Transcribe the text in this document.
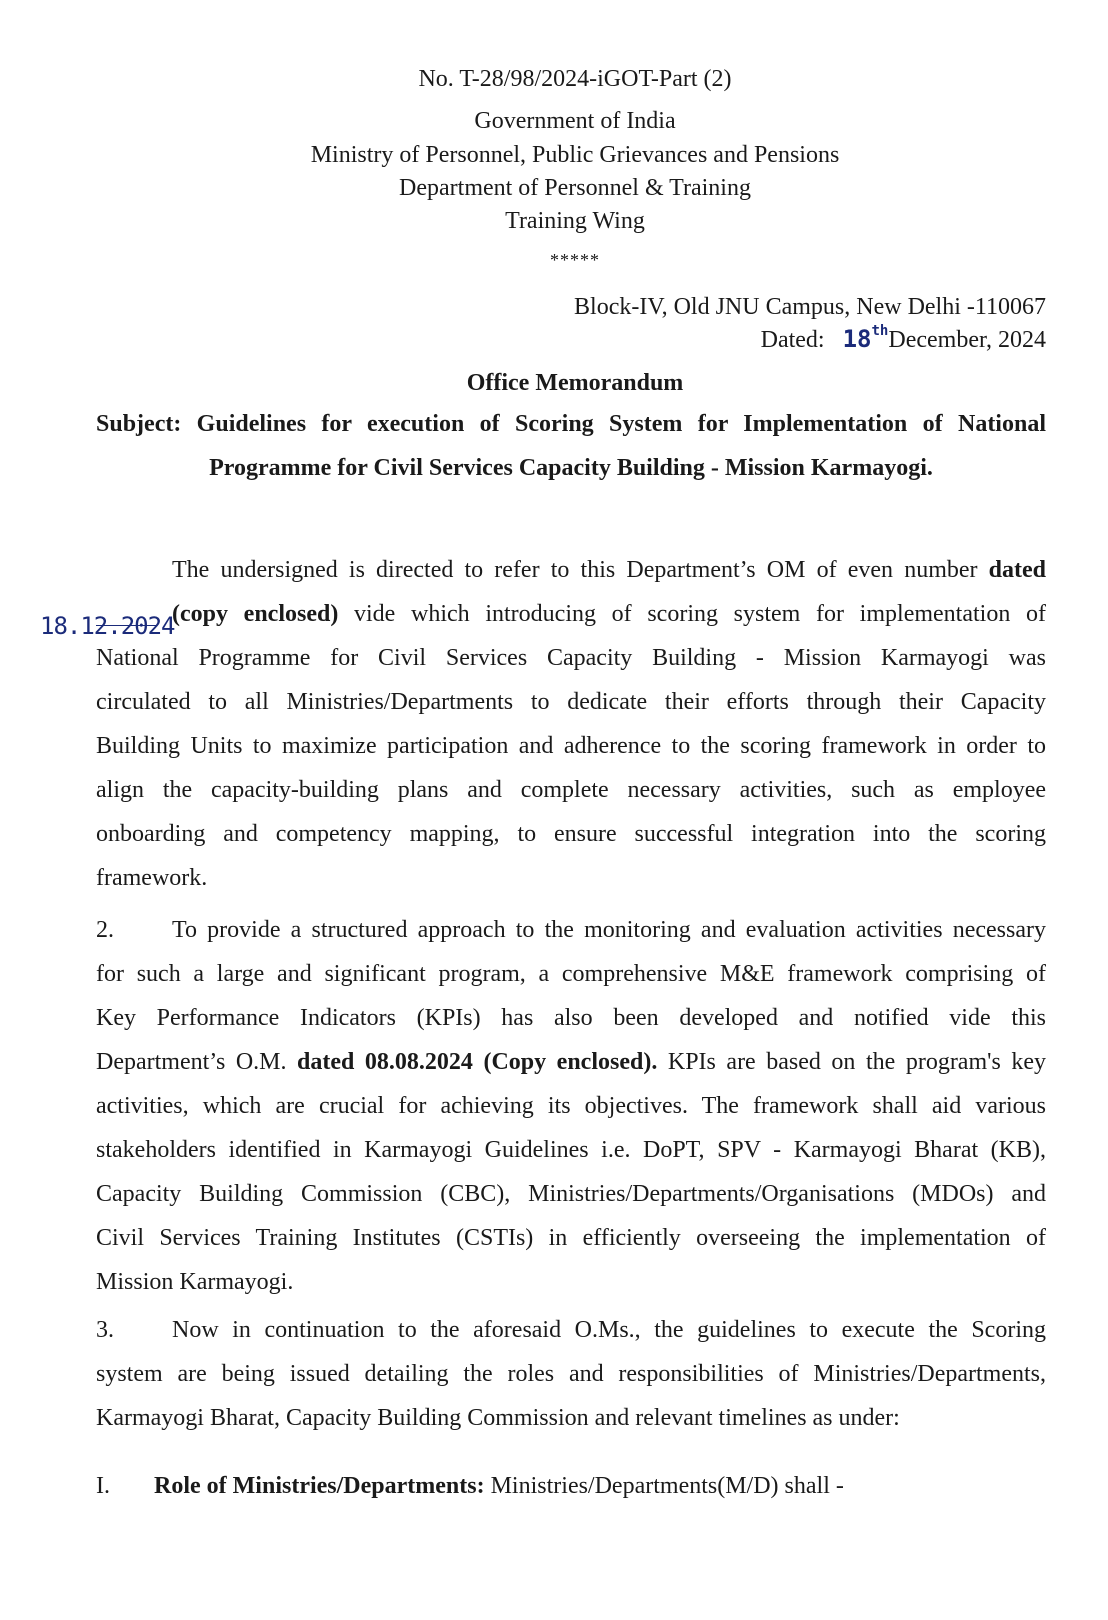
No. T-28/98/2024-iGOT-Part (2)
Government of India
Ministry of Personnel, Public Grievances and Pensions
Department of Personnel & Training
Training Wing
*****
Block-IV, Old JNU Campus, New Delhi -110067
Dated: 18thDecember, 2024
Office Memorandum
Subject: Guidelines for execution of Scoring System for Implementation of National
Programme for Civil Services Capacity Building - Mission Karmayogi.
The undersigned is directed to refer to this Department’s OM of even number dated
(copy enclosed) vide which introducing of scoring system for implementation of
National Programme for Civil Services Capacity Building - Mission Karmayogi was
circulated to all Ministries/Departments to dedicate their efforts through their Capacity
Building Units to maximize participation and adherence to the scoring framework in order to
align the capacity-building plans and complete necessary activities, such as employee
onboarding and competency mapping, to ensure successful integration into the scoring
framework.
18.12.2024
2. To provide a structured approach to the monitoring and evaluation activities necessary
for such a large and significant program, a comprehensive M&E framework comprising of
Key Performance Indicators (KPIs) has also been developed and notified vide this
Department’s O.M. dated 08.08.2024 (Copy enclosed). KPIs are based on the program's key
activities, which are crucial for achieving its objectives. The framework shall aid various
stakeholders identified in Karmayogi Guidelines i.e. DoPT, SPV - Karmayogi Bharat (KB),
Capacity Building Commission (CBC), Ministries/Departments/Organisations (MDOs) and
Civil Services Training Institutes (CSTIs) in efficiently overseeing the implementation of
Mission Karmayogi.
3. Now in continuation to the aforesaid O.Ms., the guidelines to execute the Scoring
system are being issued detailing the roles and responsibilities of Ministries/Departments,
Karmayogi Bharat, Capacity Building Commission and relevant timelines as under:
I. Role of Ministries/Departments: Ministries/Departments(M/D) shall -
